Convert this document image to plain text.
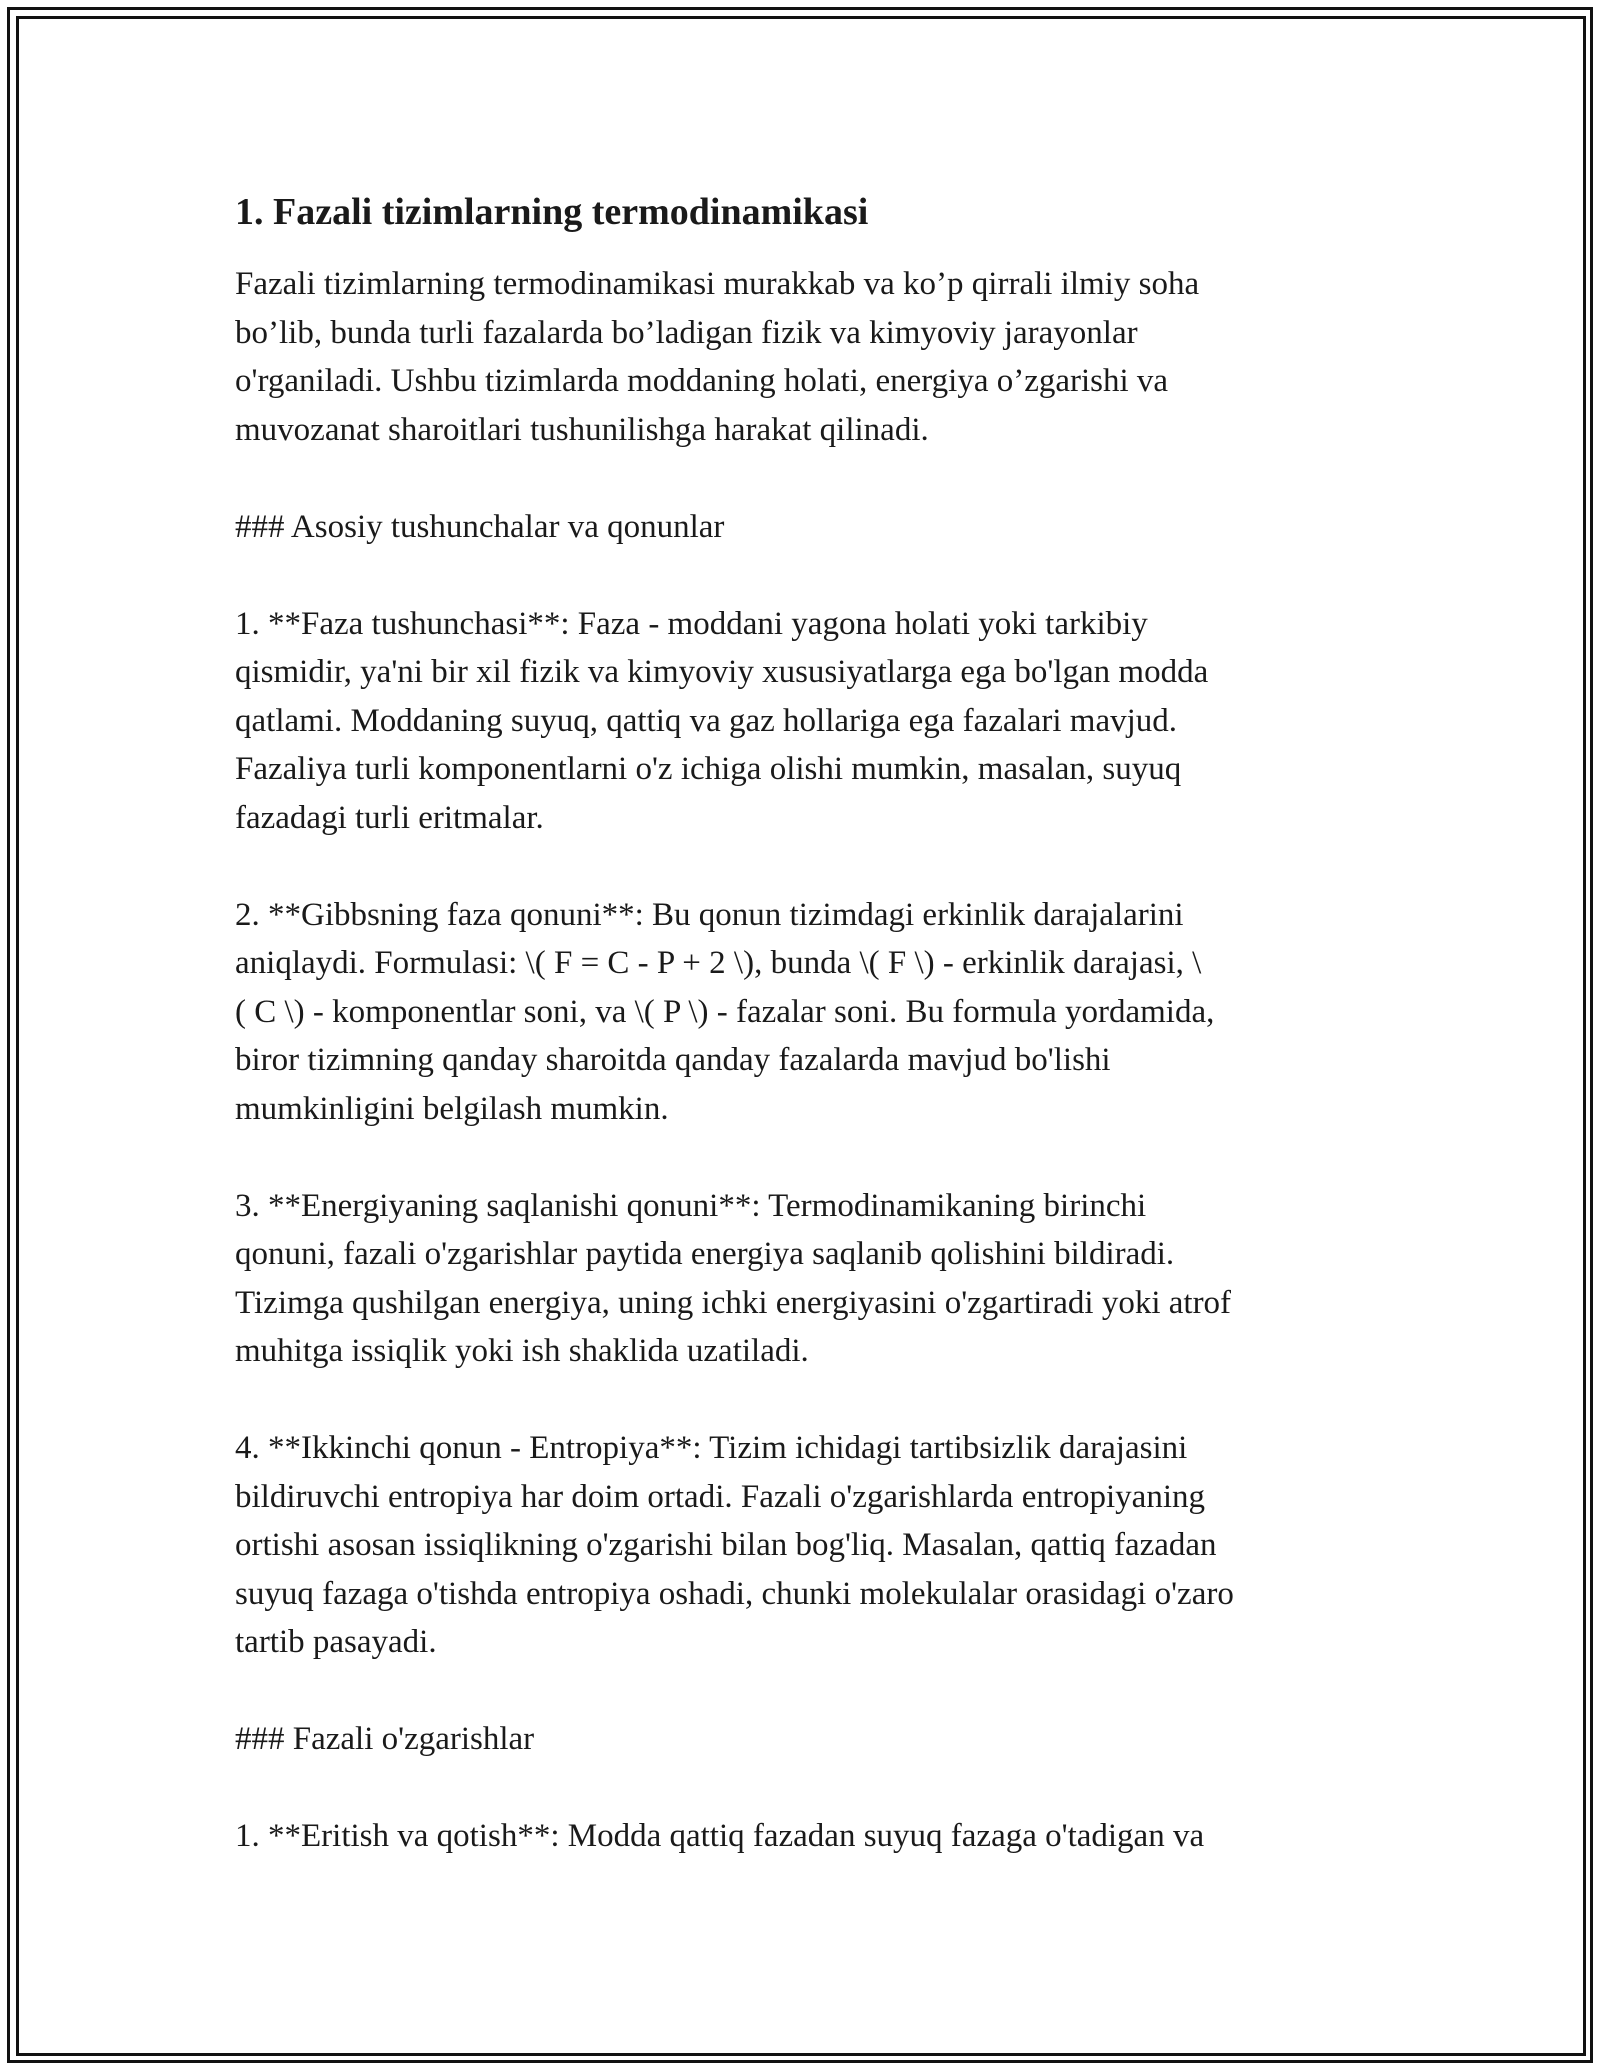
1. Fazali tizimlarning termodinamikasi

Fazali tizimlarning termodinamikasi murakkab va ko’p qirrali ilmiy soha
bo’lib, bunda turli fazalarda bo’ladigan fizik va kimyoviy jarayonlar
o'rganiladi. Ushbu tizimlarda moddaning holati, energiya o’zgarishi va
muvozanat sharoitlari tushunilishga harakat qilinadi.

### Asosiy tushunchalar va qonunlar

1. **Faza tushunchasi**: Faza - moddani yagona holati yoki tarkibiy
qismidir, ya'ni bir xil fizik va kimyoviy xususiyatlarga ega bo'lgan modda
qatlami. Moddaning suyuq, qattiq va gaz hollariga ega fazalari mavjud.
Fazaliya turli komponentlarni o'z ichiga olishi mumkin, masalan, suyuq
fazadagi turli eritmalar.

2. **Gibbsning faza qonuni**: Bu qonun tizimdagi erkinlik darajalarini
aniqlaydi. Formulasi: \( F = C - P + 2 \), bunda \( F \) - erkinlik darajasi, \
( C \) - komponentlar soni, va \( P \) - fazalar soni. Bu formula yordamida,
biror tizimning qanday sharoitda qanday fazalarda mavjud bo'lishi
mumkinligini belgilash mumkin.

3. **Energiyaning saqlanishi qonuni**: Termodinamikaning birinchi
qonuni, fazali o'zgarishlar paytida energiya saqlanib qolishini bildiradi.
Tizimga qushilgan energiya, uning ichki energiyasini o'zgartiradi yoki atrof
muhitga issiqlik yoki ish shaklida uzatiladi.

4. **Ikkinchi qonun - Entropiya**: Tizim ichidagi tartibsizlik darajasini
bildiruvchi entropiya har doim ortadi. Fazali o'zgarishlarda entropiyaning
ortishi asosan issiqlikning o'zgarishi bilan bog'liq. Masalan, qattiq fazadan
suyuq fazaga o'tishda entropiya oshadi, chunki molekulalar orasidagi o'zaro
tartib pasayadi.

### Fazali o'zgarishlar

1. **Eritish va qotish**: Modda qattiq fazadan suyuq fazaga o'tadigan va
